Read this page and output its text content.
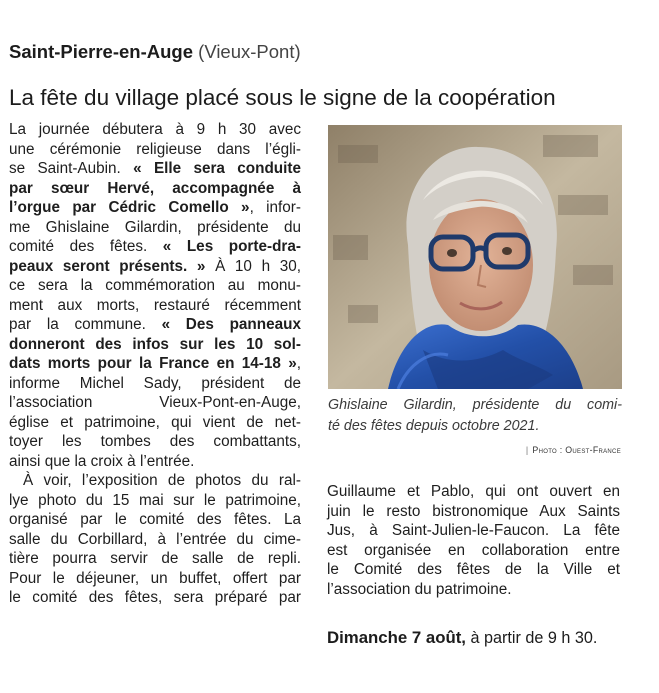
Saint-Pierre-en-Auge (Vieux-Pont)
La fête du village placé sous le signe de la coopération
La journée débutera à 9 h 30 avec
une cérémonie religieuse dans l’égli-
se Saint-Aubin. « Elle sera conduite
par sœur Hervé, accompagnée à
l’orgue par Cédric Comello », infor-
me Ghislaine Gilardin, présidente du
comité des fêtes. « Les porte-dra-
peaux seront présents. » À 10 h 30,
ce sera la commémoration au monu-
ment aux morts, restauré récemment
par la commune. « Des panneaux
donneront des infos sur les 10 sol-
dats morts pour la France en 14-18 »,
informe Michel Sady, président de
l’association Vieux-Pont-en-Auge,
église et patrimoine, qui vient de net-
toyer les tombes des combattants,
ainsi que la croix à l’entrée.
À voir, l’exposition de photos du ral-
lye photo du 15 mai sur le patrimoine,
organisé par le comité des fêtes. La
salle du Corbillard, à l’entrée du cime-
tière pourra servir de salle de repli.
Pour le déjeuner, un buffet, offert par
le comité des fêtes, sera préparé par
Ghislaine Gilardin, présidente du comi-
té des fêtes depuis octobre 2021.
| Photo : Ouest-France
Guillaume et Pablo, qui ont ouvert en
juin le resto bistronomique Aux Saints
Jus, à Saint-Julien-le-Faucon. La fête
est organisée en collaboration entre
le Comité des fêtes de la Ville et
l’association du patrimoine.
Dimanche 7 août, à partir de 9 h 30.
